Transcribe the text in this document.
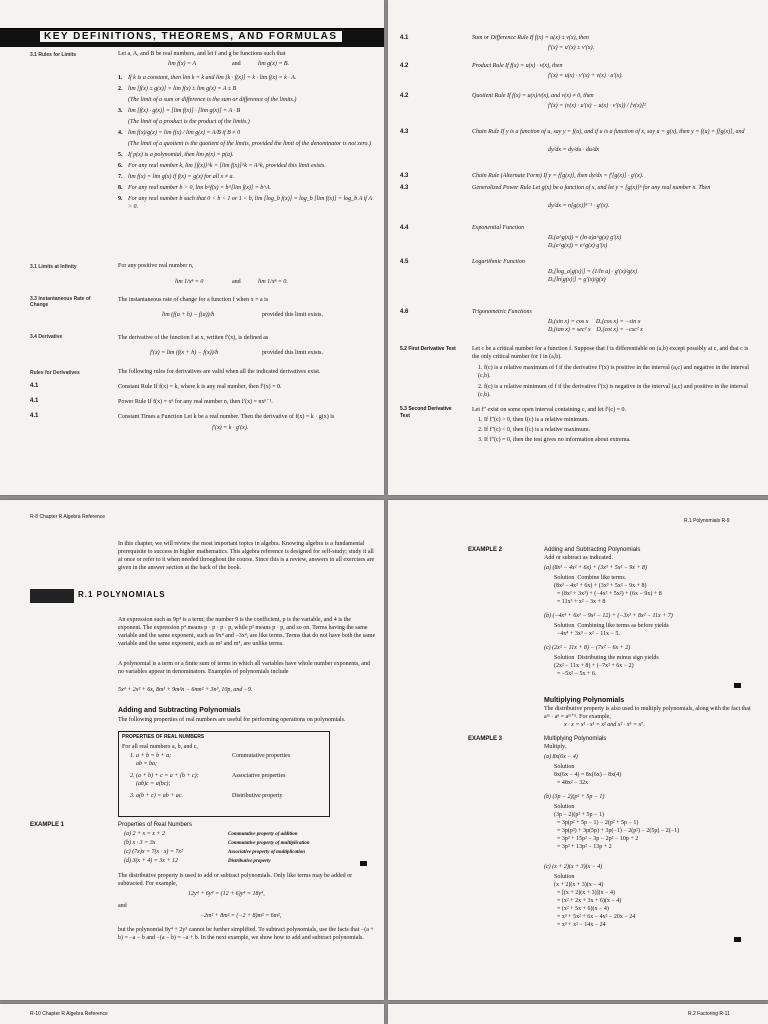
KEY DEFINITIONS, THEOREMS, AND FORMULAS
3.1 Rules for Limits	Let a, A, and B be real numbers, and let f and g be functions such that
lim f(x) = A	and	lim g(x) = B.
1. If k is a constant, then lim k = k and lim [k · f(x)] = k · lim f(x) = k · A.
2. lim [f(x) ± g(x)] = lim f(x) ± lim g(x) = A ± B
(The limit of a sum or difference is the sum or difference of the limits.)
3. lim [f(x) · g(x)] = [lim f(x)] · [lim g(x)] = A · B
(The limit of a product is the product of the limits.)
4. lim f(x)/g(x) = lim f(x) / lim g(x) = A/B if B ≠ 0
(The limit of a quotient is the quotient of the limits, provided the limit of the denominator is not zero.)
5. If p(x) is a polynomial, then lim p(x) = p(a).
6. For any real number k, lim [f(x)]^k = [lim f(x)]^k = A^k, provided this limit exists.
7. lim f(x) = lim g(x) if f(x) = g(x) for all x ≠ a.
8. For any real number b > 0, lim b^f(x) = b^[lim f(x)] = b^A.
9. For any real number b such that 0 < b < 1 or 1 < b, lim [log_b f(x)] = log_b [lim f(x)] = log_b A if A > 0.
3.1 Limits at Infinity	For any positive real number n,
lim 1/xⁿ = 0	and	lim 1/xⁿ = 0.
3.3 Instantaneous Rate of Change
The instantaneous rate of change for a function f when x = a is
lim (f(a + h) − f(a))/h	provided this limit exists.
3.4 Derivative	The derivative of the function f at x, written f′(x), is defined as
f′(x) = lim (f(x + h) − f(x))/h	provided this limit exists.
Rules for Derivatives	The following rules for derivatives are valid when all the indicated derivatives exist.
4.1	Constant Rule If f(x) = k, where k is any real number, then f′(x) = 0.
4.1	Power Rule If f(x) = xⁿ for any real number n, then f′(x) = nxⁿ⁻¹.
4.1	Constant Times a Function Let k be a real number. Then the derivative of f(x) = k · g(x) is
f′(x) = k · g′(x).
4.1	Sum or Difference Rule If f(x) = u(x) ± v(x), then
f′(x) = u′(x) ± v′(x).
4.2	Product Rule If f(x) = u(x) · v(x), then
f′(x) = u(x) · v′(x) + v(x) · u′(x).
4.2	Quotient Rule If f(x) = u(x)/v(x), and v(x) ≠ 0, then
f′(x) = (v(x) · u′(x) − u(x) · v′(x)) / [v(x)]²
4.3	Chain Rule If y is a function of u, say y = f(u), and if u is a function of x, say u = g(x), then y = f(u) = f[g(x)], and
dy/dx = dy/du · du/dx
4.3	Chain Rule (Alternate Form) If y = f[g(x)], then dy/dx = f′[g(x)] · g′(x).
4.3	Generalized Power Rule Let g(x) be a function of x, and let y = [g(x)]ⁿ for any real number n. Then
dy/dx = n[g(x)]ⁿ⁻¹ · g′(x).
4.4	Exponential Function
Dₓ(a^g(x)) = (ln a)a^g(x) g′(x)
Dₓ(e^g(x)) = e^g(x) g′(x)
4.5	Logarithmic Function
Dₓ[log_a|g(x)|] = (1/ln a) · g′(x)/g(x)
Dₓ[ln|g(x)|] = g′(x)/g(x)
4.6	Trigonometric Functions
Dₓ(sin x) = cos x     Dₓ(cos x) = −sin x
Dₓ(tan x) = sec² x    Dₓ(cot x) = −csc² x
5.2 First Derivative Test	Let c be a critical number for a function f. Suppose that f is differentiable on (a,b) except possibly at c, and that c is the only critical number for f in (a,b).
1. f(c) is a relative maximum of f if the derivative f′(x) is positive in the interval (a,c) and negative in the interval (c,b).
2. f(c) is a relative minimum of f if the derivative f′(x) is negative in the interval (a,c) and positive in the interval (c,b).
5.3 Second Derivative Test
Let f″ exist on some open interval containing c, and let f′(c) = 0.
1. If f″(c) > 0, then f(c) is a relative minimum.
2. If f″(c) < 0, then f(c) is a relative maximum.
3. If f″(c) = 0, then the test gives no information about extrema.
R-8 Chapter R Algebra Reference
In this chapter, we will review the most important topics in algebra. Knowing algebra is a fundamental prerequisite to success in higher mathematics. This algebra reference is designed for self-study; study it all at once or refer to it when needed throughout the course. Since this is a review, answers to all exercises are given in the answer section at the back of the book.
R.1 POLYNOMIALS
An expression such as 9p⁴ is a term; the number 9 is the coefficient, p is the variable, and 4 is the exponent. The expression p⁴ means p · p · p · p, while p² means p · p, and so on. Terms having the same variable and the same exponent, such as 9x⁴ and −3x⁴, are like terms. Terms that do not have both the same variable and the same exponent, such as m² and m⁴, are unlike terms.
A polynomial is a term or a finite sum of terms in which all variables have whole number exponents, and no variables appear in denominators. Examples of polynomials include
5x⁴ + 2x² + 6x, 8m³ + 9m²n − 6mn² + 3n³, 10p, and −9.
Adding and Subtracting Polynomials
The following properties of real numbers are useful for performing operations on polynomials.
PROPERTIES OF REAL NUMBERS
For all real numbers a, b, and c,
1. a + b = b + a;
ab = ba;
Commutative properties
2. (a + b) + c = a + (b + c);
(ab)c = a(bc);
Associative properties
3. a(b + c) = ab + ac.	Distributive property
EXAMPLE 1	Properties of Real Numbers
(a) 2 + x = x + 2	Commutative property of addition
(b) x · 3 = 3x	Commutative property of multiplication
(c) (7x)x = 7(x · x) = 7x²	Associative property of multiplication
(d) 3(x + 4) = 3x + 12	Distributive property
The distributive property is used to add or subtract polynomials. Only like terms may be added or subtracted. For example,
12y⁴ + 6y⁴ = (12 + 6)y⁴ = 18y⁴,
and
−2m² + 8m² = (−2 + 8)m² = 6m²,
but the polynomial 8y⁴ + 2y³ cannot be further simplified. To subtract polynomials, use the facts that −(a + b) = −a − b and −(a − b) = −a + b. In the next example, we show how to add and subtract polynomials.
R.1 Polynomials R-9
EXAMPLE 2	Adding and Subtracting Polynomials
Add or subtract as indicated.
(a) (8x³ − 4x² + 6x) + (3x³ + 5x² − 9x + 8)
Solution  Combine like terms.
(8x³ − 4x² + 6x) + (3x³ + 5x² − 9x + 8)
= (8x³ + 3x³) + (−4x² + 5x²) + (6x − 9x) + 8
= 11x³ + x² − 3x + 8
(b) (−4x⁴ + 6x³ − 9x² − 12) + (−3x³ + 8x² − 11x + 7)
Solution  Combining like terms as before yields
−4x⁴ + 3x³ − x² − 11x − 5.
(c) (2x² − 11x + 8) − (7x² − 6x + 2)
Solution  Distributing the minus sign yields
(2x² − 11x + 8) + (−7x² + 6x − 2)
= −5x² − 5x + 6.
Multiplying Polynomials
The distributive property is also used to multiply polynomials, along with the fact that aᵐ · aⁿ = aᵐ⁺ⁿ. For example,
x · x = x¹ · x¹ = x² and x² · x⁵ = x⁷.
EXAMPLE 3	Multiplying Polynomials
Multiply.
(a) 8x(6x − 4)
Solution
8x(6x − 4) = 8x(6x) − 8x(4)
= 48x² − 32x
(b) (3p − 2)(p² + 5p − 1)
Solution
(3p − 2)(p² + 5p − 1)
= 3p(p² + 5p − 1) − 2(p² + 5p − 1)
= 3p(p²) + 3p(5p) + 3p(−1) − 2(p²) − 2(5p) − 2(−1)
= 3p³ + 15p² − 3p − 2p² − 10p + 2
= 3p³ + 13p² − 13p + 2
(c) (x + 2)(x + 3)(x − 4)
Solution
(x + 2)(x + 3)(x − 4)
= [(x + 2)(x + 3)](x − 4)
= (x² + 2x + 3x + 6)(x − 4)
= (x² + 5x + 6)(x − 4)
= x³ + 5x² + 6x − 4x² − 20x − 24
= x³ + x² − 14x − 24
R-10 Chapter R Algebra Reference	R.2 Factoring R-11
